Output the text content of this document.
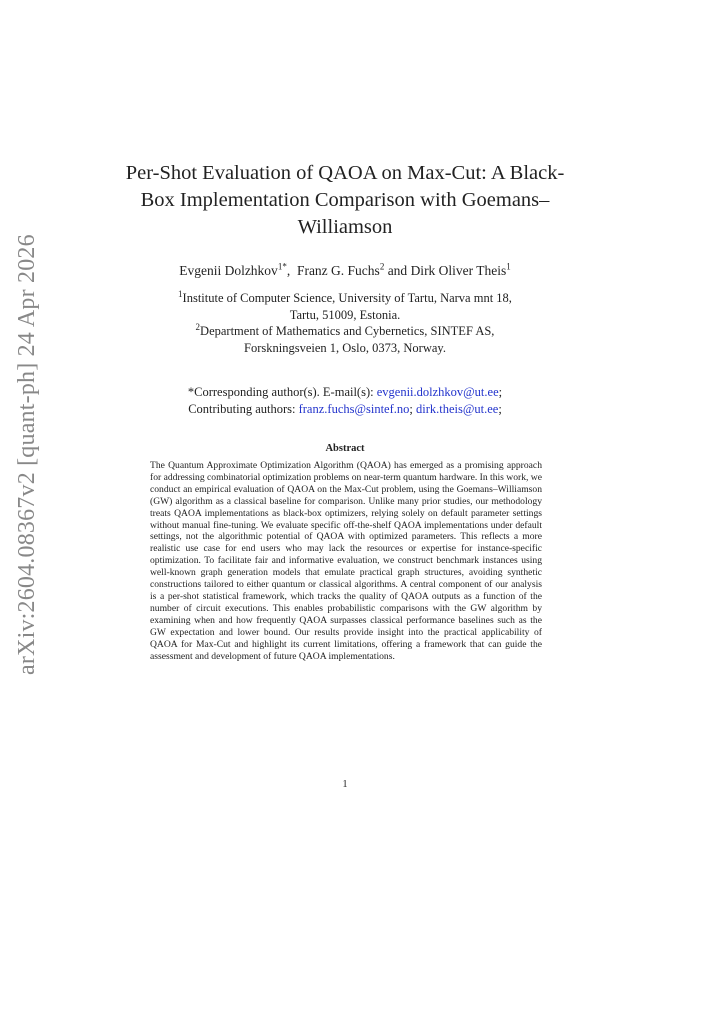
arXiv:2604.08367v2 [quant-ph] 24 Apr 2026
Per-Shot Evaluation of QAOA on Max-Cut: A Black-Box Implementation Comparison with Goemans–Williamson
Evgenii Dolzhkov$^{1*}$,  Franz G. Fuchs$^2$ and Dirk Oliver Theis$^1$
$^1$Institute of Computer Science, University of Tartu, Narva mnt 18,
Tartu, 51009, Estonia.
$^2$Department of Mathematics and Cybernetics, SINTEF AS,
Forskningsveien 1, Oslo, 0373, Norway.
*Corresponding author(s). E-mail(s): evgenii.dolzhkov@ut.ee;
Contributing authors: franz.fuchs@sintef.no; dirk.theis@ut.ee;
Abstract
The Quantum Approximate Optimization Algorithm (QAOA) has emerged as a promising approach for addressing combinatorial optimization problems on near-term quantum hardware. In this work, we conduct an empirical evaluation of QAOA on the Max-Cut problem, using the Goemans–Williamson (GW) algorithm as a classical baseline for comparison. Unlike many prior studies, our methodology treats QAOA implementations as black-box optimizers, relying solely on default parameter settings without manual fine-tuning. We evaluate specific off-the-shelf QAOA implementations under default settings, not the algorithmic potential of QAOA with optimized parameters. This reflects a more realistic use case for end users who may lack the resources or expertise for instance-specific optimization. To facilitate fair and informative evaluation, we construct benchmark instances using well-known graph generation models that emulate practical graph structures, avoiding synthetic constructions tailored to either quantum or classical algorithms. A central component of our analysis is a per-shot statistical framework, which tracks the quality of QAOA outputs as a function of the number of circuit executions. This enables probabilistic comparisons with the GW algorithm by examining when and how frequently QAOA surpasses classical performance baselines such as the GW expectation and lower bound. Our results provide insight into the practical applicability of QAOA for Max-Cut and highlight its current limitations, offering a framework that can guide the assessment and development of future QAOA implementations.
1
